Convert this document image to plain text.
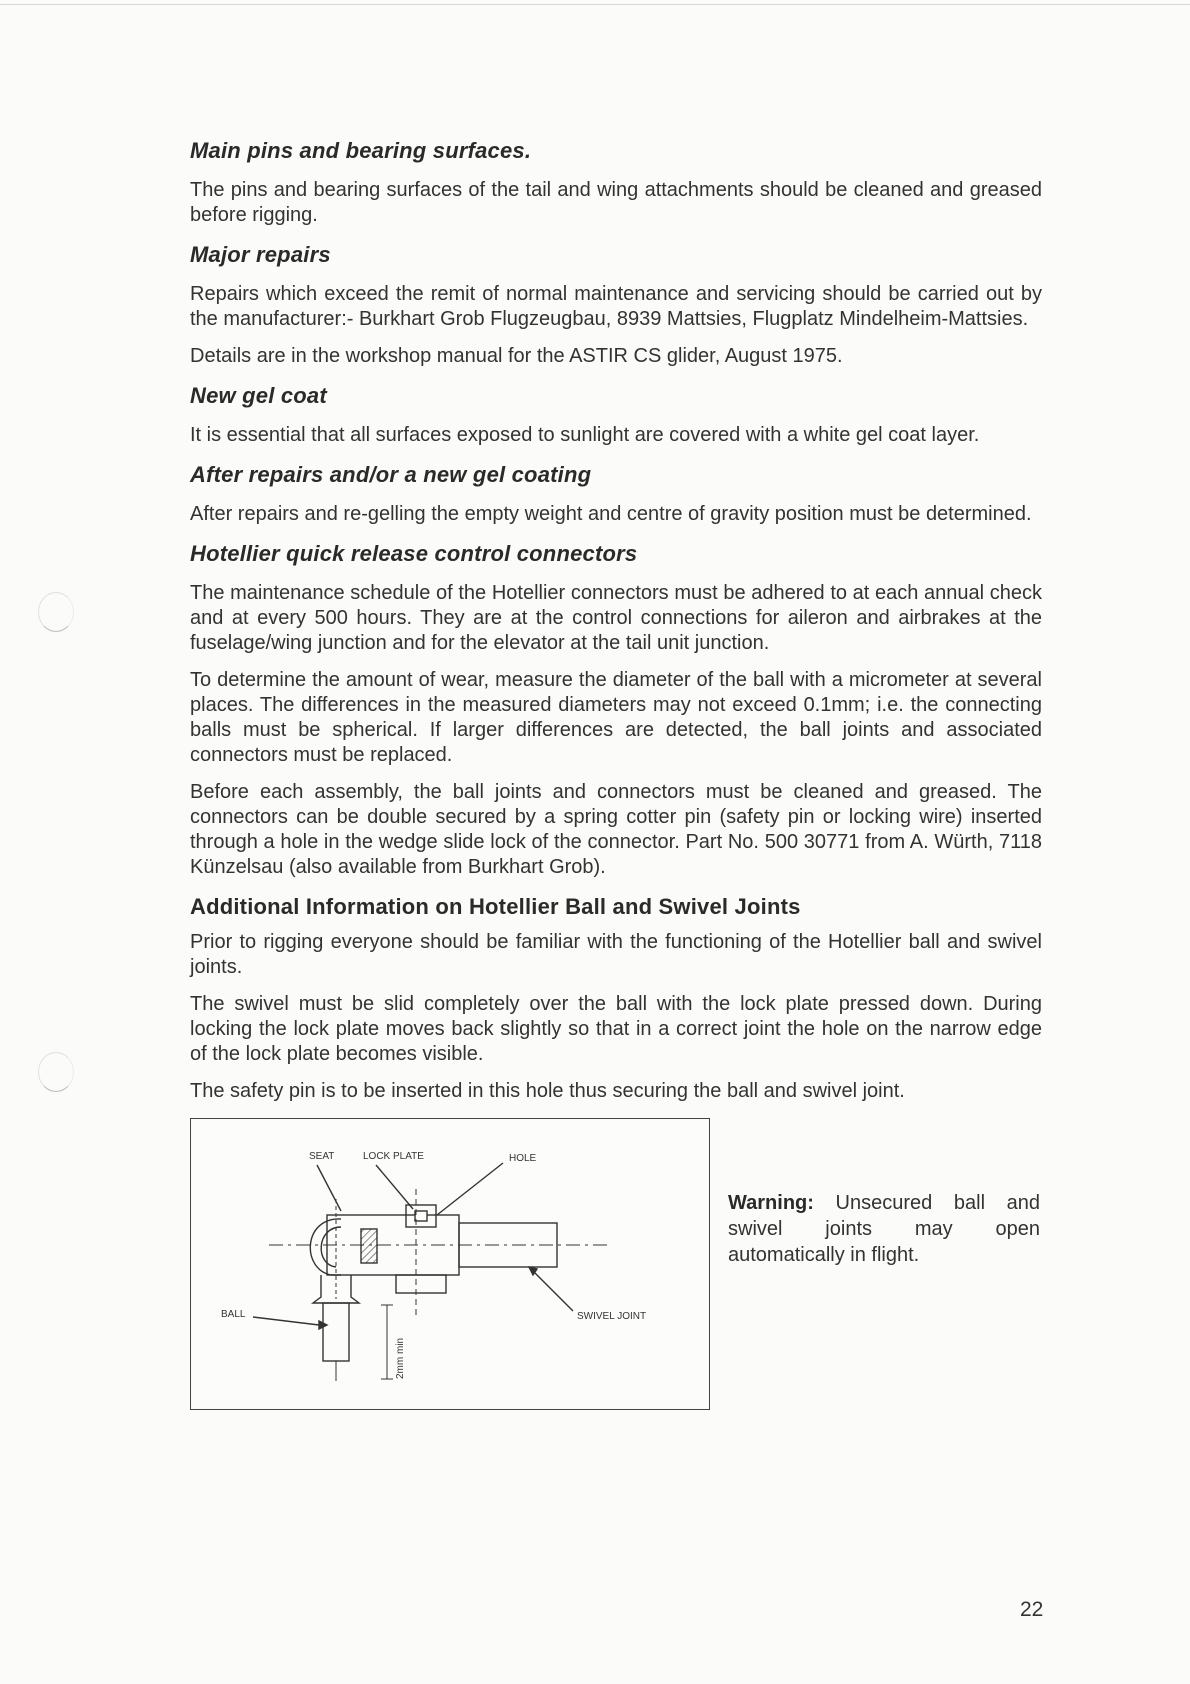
Main pins and bearing surfaces.

The pins and bearing surfaces of the tail and wing attachments should be cleaned and greased before rigging.

Major repairs

Repairs which exceed the remit of normal maintenance and servicing should be carried out by the manufacturer:- Burkhart Grob Flugzeugbau, 8939 Mattsies, Flugplatz Mindelheim-Mattsies.

Details are in the workshop manual for the ASTIR CS glider, August 1975.

New gel coat

It is essential that all surfaces exposed to sunlight are covered with a white gel coat layer.

After repairs and/or a new gel coating

After repairs and re-gelling the empty weight and centre of gravity position must be determined.

Hotellier quick release control connectors

The maintenance schedule of the Hotellier connectors must be adhered to at each annual check and at every 500 hours. They are at the control connections for aileron and airbrakes at the fuselage/wing junction and for the elevator at the tail unit junction.

To determine the amount of wear, measure the diameter of the ball with a micrometer at several places. The differences in the measured diameters may not exceed 0.1mm; i.e. the connecting balls must be spherical. If larger differences are detected, the ball joints and associated connectors must be replaced.

Before each assembly, the ball joints and connectors must be cleaned and greased. The connectors can be double secured by a spring cotter pin (safety pin or locking wire) inserted through a hole in the wedge slide lock of the connector. Part No. 500 30771 from A. Würth, 7118 Künzelsau (also available from Burkhart Grob).

Additional Information on Hotellier Ball and Swivel Joints

Prior to rigging everyone should be familiar with the functioning of the Hotellier ball and swivel joints.

The swivel must be slid completely over the ball with the lock plate pressed down. During locking the lock plate moves back slightly so that in a correct joint the hole on the narrow edge of the lock plate becomes visible.

The safety pin is to be inserted in this hole thus securing the ball and swivel joint.

SEAT	LOCK PLATE	HOLE
BALL	SWIVEL JOINT
2mm min
Warning: Unsecured ball and swivel joints may open automatically in flight.
22
